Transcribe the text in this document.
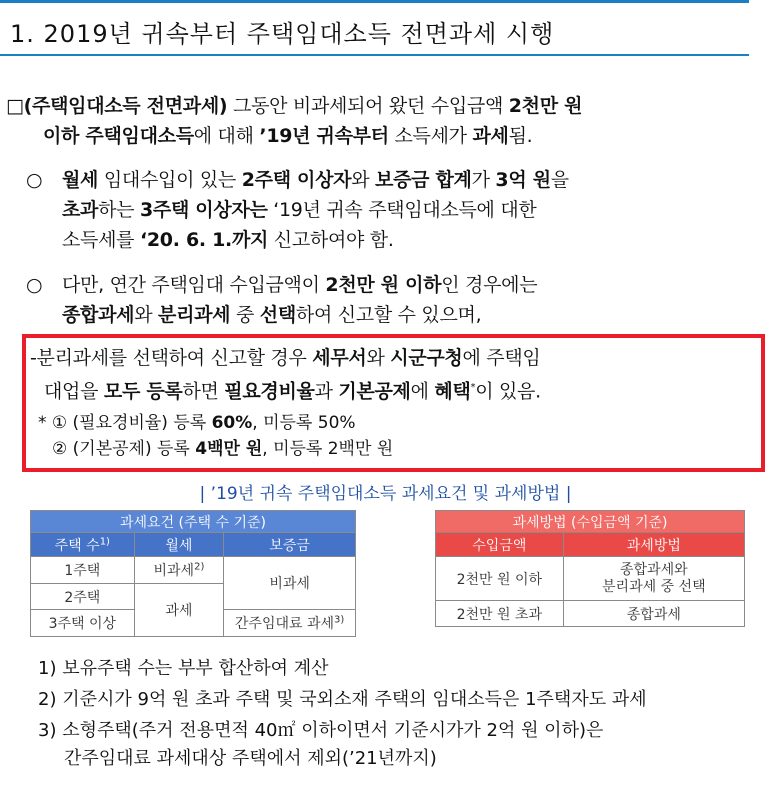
1. 2019년 귀속부터 주택임대소득 전면과세 시행
□(주택임대소득 전면과세) 그동안 비과세되어 왔던 수입금액 2천만 원
이하 주택임대소득에 대해 ’19년 귀속부터 소득세가 과세됨.
○ 월세 임대수입이 있는 2주택 이상자와 보증금 합계가 3억 원을
초과하는 3주택 이상자는 ‘19년 귀속 주택임대소득에 대한
소득세를 ‘20. 6. 1.까지 신고하여야 함.
○ 다만, 연간 주택임대 수입금액이 2천만 원 이하인 경우에는
종합과세와 분리과세 중 선택하여 신고할 수 있으며,
-분리과세를 선택하여 신고할 경우 세무서와 시군구청에 주택임
대업을 모두 등록하면 필요경비율과 기본공제에 혜택*이 있음.
* ① (필요경비율) 등록 60%, 미등록 50%
② (기본공제) 등록 4백만 원, 미등록 2백만 원
| ’19년 귀속 주택임대소득 과세요건 및 과세방법 |
과세요건 (주택 수 기준)		
주택 수$^{1)}$	월세	보증금
1주택	비과세$^{2)}$	비과세
2주택	과세	
3주택 이상		간주임대료 과세$^{3)}$
과세방법 (수입금액 기준)	
수입금액	과세방법
2천만 원 이하	종합과세와
분리과세 중 선택

2천만 원 초과	종합과세
1) 보유주택 수는 부부 합산하여 계산
2) 기준시가 9억 원 초과 주택 및 국외소재 주택의 임대소득은 1주택자도 과세
3) 소형주택(주거 전용면적 40㎡ 이하이면서 기준시가가 2억 원 이하)은
간주임대료 과세대상 주택에서 제외(’21년까지)
